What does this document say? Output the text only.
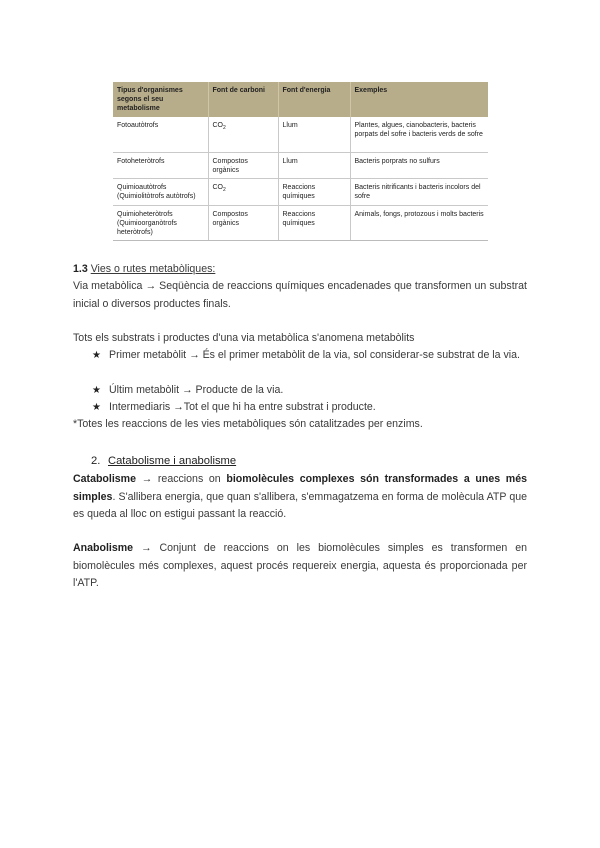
Tipus d'organismes segons el seu metabolisme	Font de carboni	Font d'energia	Exemples
Fotoautòtrofs	$CO_2$	Llum	Plantes, algues, cianobacteris, bacteris porpats del sofre i bacteris verds de sofre
Fotoheteròtrofs	Compostos orgànics	Llum	Bacteris porprats no sulfurs
Quimioautòtrofs (Quimiolitòtrofs autòtrofs)	$CO_2$	Reaccions químiques	Bacteris nitrificants i bacteris incolors del sofre
Quimioheteròtrofs (Quimioorganòtrofs heteròtrofs)	Compostos orgànics	Reaccions químiques	Animals, fongs, protozous i molts bacteris
1.3 Vies o rutes metabòliques:
Via metabòlica → Seqüència de reaccions químiques encadenades que transformen un substrat inicial o diversos productes finals.
Tots els substrats i productes d'una via metabòlica s'anomena metabòlits
★ Primer metabòlit → És el primer metabòlit de la via, sol considerar-se substrat de la via.
★ Últim metabòlit → Producte de la via.
★ Intermediaris →Tot el que hi ha entre substrat i producte.
*Totes les reaccions de les vies metabòliques són catalitzades per enzims.
2. Catabolisme i anabolisme
Catabolisme → reaccions on biomolècules complexes són transformades a unes més simples. S'allibera energia, que quan s'allibera, s'emmagatzema en forma de molècula ATP que es queda al lloc on estigui passant la reacció.
Anabolisme → Conjunt de reaccions on les biomolècules simples es transformen en biomolècules més complexes, aquest procés requereix energia, aquesta és proporcionada per l'ATP.
